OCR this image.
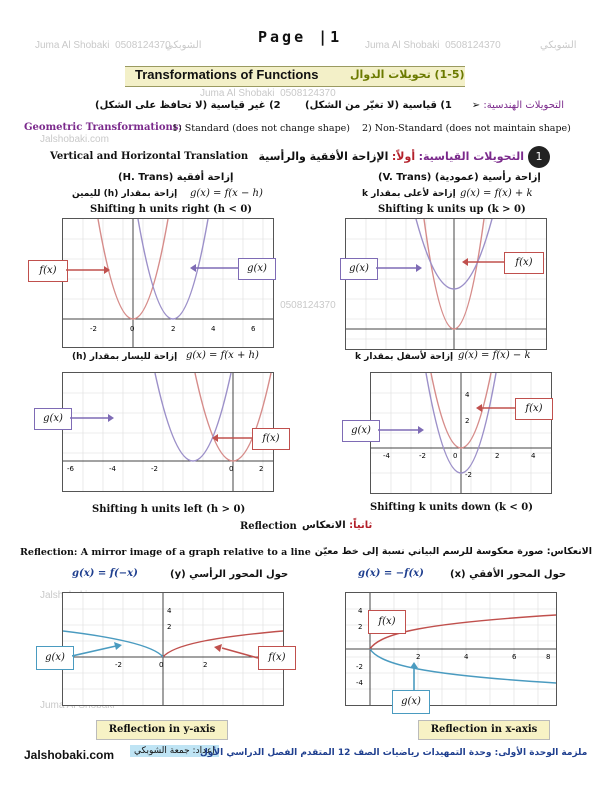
Juma Al Shobaki 0508124370
الشوبكي	Juma Al Shobaki 0508124370	الشوبكي
Juma Al Shobaki 0508124370
Jalshobaki.com
Jalshobaki.com
Juma Al Shobaki
Juma Al Shobaki 0508124370
Page |1
Transformations of Functions	(1-5) تحويلات الدوال
التحويلات الهندسية: ➢
1) قياسية (لا تغيّر من الشكل)
2) غير قياسية (لا تحافظ على الشكل)
Geometric Transformations:
1) Standard (does not change shape) 2) Non-Standard (does not maintain shape)
1
التحويلات القياسية: أولاً: الإزاحة الأفقية والرأسية
Vertical and Horizontal Translation
إزاحة أفقية (H. Trans)
g(x) = f(x − h)
إزاحة بمقدار (h) لليمين
Shifting h units right (h < 0)
إزاحة رأسية (عمودية) (V. Trans)
g(x) = f(x) + k
إزاحة لأعلى بمقدار k
Shifting k units up (k > 0)
-2	0	2	4	6
f(x)	g(x)	g(x)
f(x)
إزاحة لليسار بمقدار (h) g(x) = f(x + h)	إزاحة لأسفل بمقدار k g(x) = f(x) − k
-6	-4	-2	0	2
g(x)
f(x)
4
2
-2
-4	-2	0	2	4
g(x)
f(x)
Shifting h units left (h > 0)	Shifting k units down (k < 0)
Reflection	ثانياً: الانعكاس
Reflection: A mirror image of a graph relative to a line الانعكاس: صورة معكوسة للرسم البياني نسبة إلى خط معيّن
g(x) = f(−x)	حول المحور الرأسي (y)	g(x) = −f(x)	حول المحور الأفقي (x)
4
2
-2	0	2
g(x)	f(x)
4
2
-2
-4
2	4	6	8
f(x)
g(x)
Reflection in y-axis	Reflection in x-axis
Jalshobaki.com	إعداد: جمعة الشوبكي
ملزمة الوحدة الأولى: وحدة التمهيدات رياضيات الصف 12 المتقدم الفصل الدراسي الأول
